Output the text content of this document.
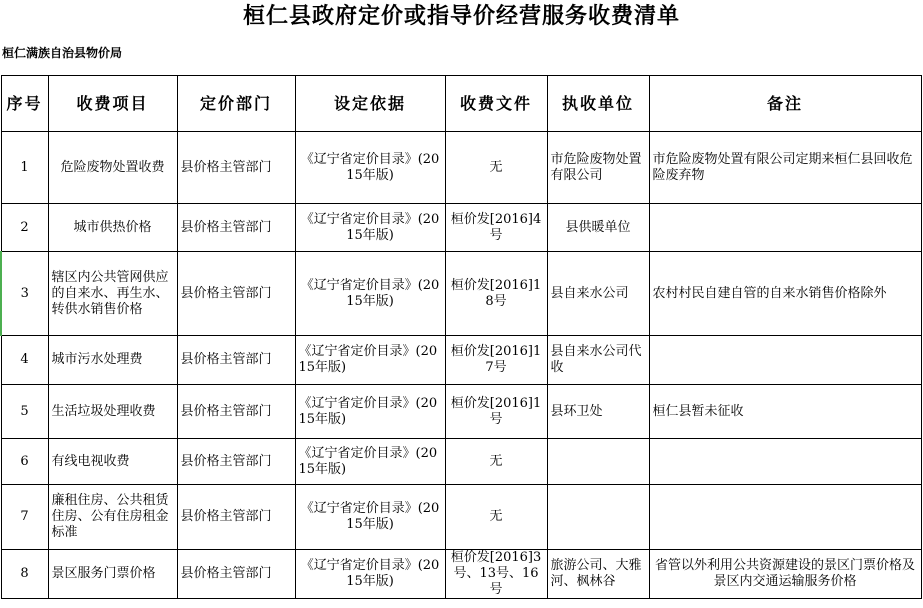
桓仁县政府定价或指导价经营服务收费清单
桓仁满族自治县物价局
序号	收费项目	定价部门	设定依据	收费文件	执收单位	备注
1	危险废物处置收费	县价格主管部门	《辽宁省定价目录》(2015年版)	无	市危险废物处置有限公司	市危险废物处置有限公司定期来桓仁县回收危险废弃物
2	城市供热价格	县价格主管部门	《辽宁省定价目录》(2015年版)	桓价发[2016]4号	县供暖单位	
3	辖区内公共管网供应的自来水、再生水、转供水销售价格	县价格主管部门	《辽宁省定价目录》(2015年版)	桓价发[2016]18号	县自来水公司	农村村民自建自管的自来水销售价格除外
4	城市污水处理费	县价格主管部门	《辽宁省定价目录》(2015年版)	桓价发[2016]17号	县自来水公司代收	
5	生活垃圾处理收费	县价格主管部门	《辽宁省定价目录》(2015年版)	桓价发[2016]1号	县环卫处	桓仁县暂未征收
6	有线电视收费	县价格主管部门	《辽宁省定价目录》(2015年版)	无		
7	廉租住房、公共租赁住房、公有住房租金标准	县价格主管部门	《辽宁省定价目录》(2015年版)	无		
8	景区服务门票价格	县价格主管部门	《辽宁省定价目录》(2015年版)	桓价发[2016]3号、13号、16号	旅游公司、大雅河、枫林谷	省管以外利用公共资源建设的景区门票价格及景区内交通运输服务价格
